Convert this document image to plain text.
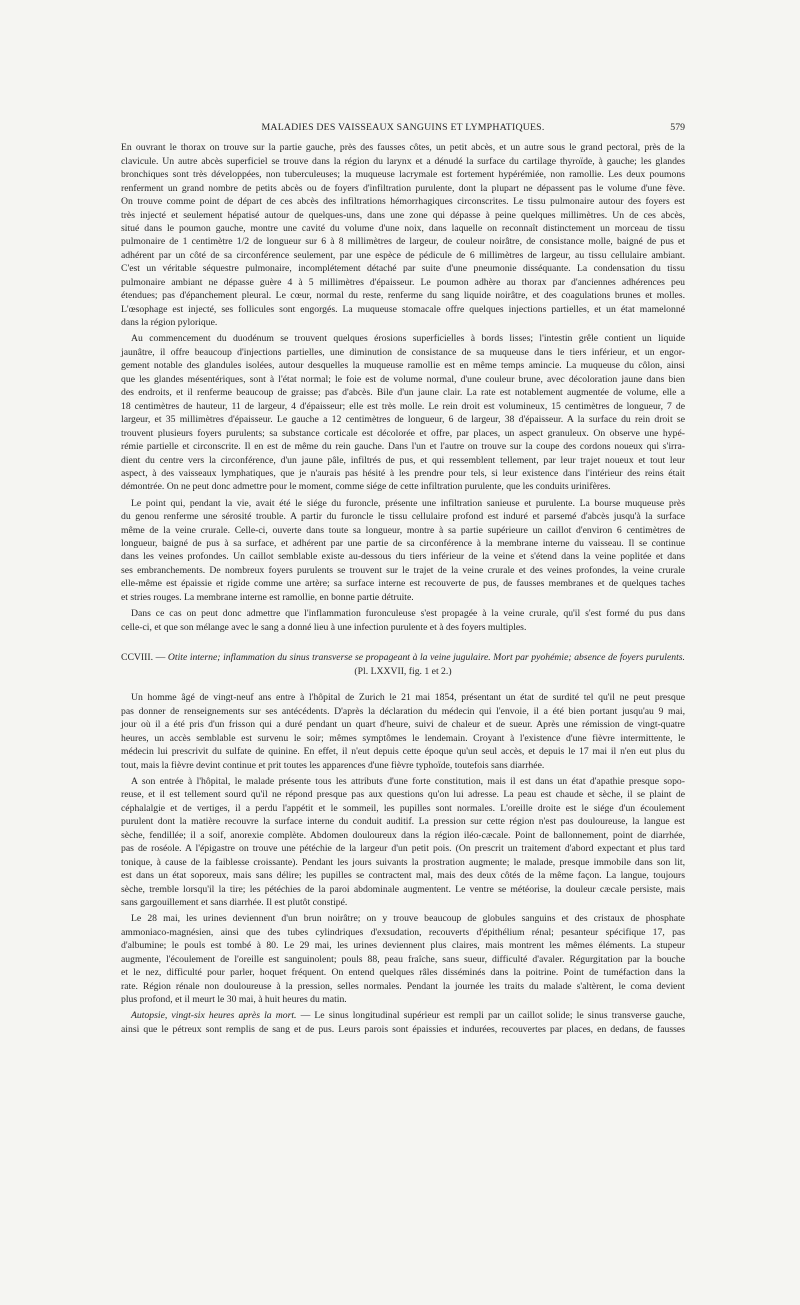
MALADIES DES VAISSEAUX SANGUINS ET LYMPHATIQUES.	579
En ouvrant le thorax on trouve sur la partie gauche, près des fausses côtes, un petit abcès, et un autre sous le grand pectoral, près de la
clavicule. Un autre abcès superficiel se trouve dans la région du larynx et a dénudé la surface du cartilage thyroïde, à gauche; les glandes
bronchiques sont très développées, non tuberculeuses; la muqueuse lacrymale est fortement hypérémiée, non ramollie. Les deux poumons
renferment un grand nombre de petits abcès ou de foyers d'infiltration purulente, dont la plupart ne dépassent pas le volume d'une fève.
On trouve comme point de départ de ces abcès des infiltrations hémorrhagiques circonscrites. Le tissu pulmonaire autour des foyers est
très injecté et seulement hépatisé autour de quelques-uns, dans une zone qui dépasse à peine quelques millimètres. Un de ces abcès,
situé dans le poumon gauche, montre une cavité du volume d'une noix, dans laquelle on reconnaît distinctement un morceau de tissu
pulmonaire de 1 centimètre 1/2 de longueur sur 6 à 8 millimètres de largeur, de couleur noirâtre, de consistance molle, baigné de pus et
adhérent par un côté de sa circonférence seulement, par une espèce de pédicule de 6 millimètres de largeur, au tissu cellulaire ambiant.
C'est un véritable séquestre pulmonaire, incomplétement détaché par suite d'une pneumonie disséquante. La condensation du tissu
pulmonaire ambiant ne dépasse guère 4 à 5 millimètres d'épaisseur. Le poumon adhère au thorax par d'anciennes adhérences peu
étendues; pas d'épanchement pleural. Le cœur, normal du reste, renferme du sang liquide noirâtre, et des coagulations brunes et molles.
L'œsophage est injecté, ses follicules sont engorgés. La muqueuse stomacale offre quelques injections partielles, et un état mamelonné
dans la région pylorique.
Au commencement du duodénum se trouvent quelques érosions superficielles à bords lisses; l'intestin grêle contient un liquide
jaunâtre, il offre beaucoup d'injections partielles, une diminution de consistance de sa muqueuse dans le tiers inférieur, et un engor-
gement notable des glandules isolées, autour desquelles la muqueuse ramollie est en même temps amincie. La muqueuse du côlon, ainsi
que les glandes mésentériques, sont à l'état normal; le foie est de volume normal, d'une couleur brune, avec décoloration jaune dans bien
des endroits, et il renferme beaucoup de graisse; pas d'abcès. Bile d'un jaune clair. La rate est notablement augmentée de volume, elle a
18 centimètres de hauteur, 11 de largeur, 4 d'épaisseur; elle est très molle. Le rein droit est volumineux, 15 centimètres de longueur, 7 de
largeur, et 35 millimètres d'épaisseur. Le gauche a 12 centimètres de longueur, 6 de largeur, 38 d'épaisseur. A la surface du rein droit se
trouvent plusieurs foyers purulents; sa substance corticale est décolorée et offre, par places, un aspect granuleux. On observe une hypé-
rémie partielle et circonscrite. Il en est de même du rein gauche. Dans l'un et l'autre on trouve sur la coupe des cordons noueux qui s'irra-
dient du centre vers la circonférence, d'un jaune pâle, infiltrés de pus, et qui ressemblent tellement, par leur trajet noueux et tout leur
aspect, à des vaisseaux lymphatiques, que je n'aurais pas hésité à les prendre pour tels, si leur existence dans l'intérieur des reins était
démontrée. On ne peut donc admettre pour le moment, comme siége de cette infiltration purulente, que les conduits urinifères.
Le point qui, pendant la vie, avait été le siége du furoncle, présente une infiltration sanieuse et purulente. La bourse muqueuse près
du genou renferme une sérosité trouble. A partir du furoncle le tissu cellulaire profond est induré et parsemé d'abcès jusqu'à la surface
même de la veine crurale. Celle-ci, ouverte dans toute sa longueur, montre à sa partie supérieure un caillot d'environ 6 centimètres de
longueur, baigné de pus à sa surface, et adhérent par une partie de sa circonférence à la membrane interne du vaisseau. Il se continue
dans les veines profondes. Un caillot semblable existe au-dessous du tiers inférieur de la veine et s'étend dans la veine poplitée et dans
ses embranchements. De nombreux foyers purulents se trouvent sur le trajet de la veine crurale et des veines profondes, la veine crurale
elle-même est épaissie et rigide comme une artère; sa surface interne est recouverte de pus, de fausses membranes et de quelques taches
et stries rouges. La membrane interne est ramollie, en bonne partie détruite.
Dans ce cas on peut donc admettre que l'inflammation furonculeuse s'est propagée à la veine crurale, qu'il s'est formé du pus dans
celle-ci, et que son mélange avec le sang a donné lieu à une infection purulente et à des foyers multiples.
CCVIII. — Otite interne; inflammation du sinus transverse se propageant à la veine jugulaire. Mort par pyohémie; absence de foyers purulents.
(Pl. LXXVII, fig. 1 et 2.)
Un homme âgé de vingt-neuf ans entre à l'hôpital de Zurich le 21 mai 1854, présentant un état de surdité tel qu'il ne peut presque
pas donner de renseignements sur ses antécédents. D'après la déclaration du médecin qui l'envoie, il a été bien portant jusqu'au 9 mai,
jour où il a été pris d'un frisson qui a duré pendant un quart d'heure, suivi de chaleur et de sueur. Après une rémission de vingt-quatre
heures, un accès semblable est survenu le soir; mêmes symptômes le lendemain. Croyant à l'existence d'une fièvre intermittente, le
médecin lui prescrivit du sulfate de quinine. En effet, il n'eut depuis cette époque qu'un seul accès, et depuis le 17 mai il n'en eut plus du
tout, mais la fièvre devint continue et prit toutes les apparences d'une fièvre typhoïde, toutefois sans diarrhée.
A son entrée à l'hôpital, le malade présente tous les attributs d'une forte constitution, mais il est dans un état d'apathie presque sopo-
reuse, et il est tellement sourd qu'il ne répond presque pas aux questions qu'on lui adresse. La peau est chaude et sèche, il se plaint de
céphalalgie et de vertiges, il a perdu l'appétit et le sommeil, les pupilles sont normales. L'oreille droite est le siége d'un écoulement
purulent dont la matière recouvre la surface interne du conduit auditif. La pression sur cette région n'est pas douloureuse, la langue est
sèche, fendillée; il a soif, anorexie complète. Abdomen douloureux dans la région iléo-cæcale. Point de ballonnement, point de diarrhée,
pas de roséole. A l'épigastre on trouve une pétéchie de la largeur d'un petit pois. (On prescrit un traitement d'abord expectant et plus tard
tonique, à cause de la faiblesse croissante). Pendant les jours suivants la prostration augmente; le malade, presque immobile dans son lit,
est dans un état soporeux, mais sans délire; les pupilles se contractent mal, mais des deux côtés de la même façon. La langue, toujours
sèche, tremble lorsqu'il la tire; les pétéchies de la paroi abdominale augmentent. Le ventre se météorise, la douleur cæcale persiste, mais
sans gargouillement et sans diarrhée. Il est plutôt constipé.
Le 28 mai, les urines deviennent d'un brun noirâtre; on y trouve beaucoup de globules sanguins et des cristaux de phosphate
ammoniaco-magnésien, ainsi que des tubes cylindriques d'exsudation, recouverts d'épithélium rénal; pesanteur spécifique 17, pas
d'albumine; le pouls est tombé à 80. Le 29 mai, les urines deviennent plus claires, mais montrent les mêmes éléments. La stupeur
augmente, l'écoulement de l'oreille est sanguinolent; pouls 88, peau fraîche, sans sueur, difficulté d'avaler. Régurgitation par la bouche
et le nez, difficulté pour parler, hoquet fréquent. On entend quelques râles disséminés dans la poitrine. Point de tuméfaction dans la
rate. Région rénale non douloureuse à la pression, selles normales. Pendant la journée les traits du malade s'altèrent, le coma devient
plus profond, et il meurt le 30 mai, à huit heures du matin.
Autopsie, vingt-six heures après la mort. — Le sinus longitudinal supérieur est rempli par un caillot solide; le sinus transverse gauche,
ainsi que le pétreux sont remplis de sang et de pus. Leurs parois sont épaissies et indurées, recouvertes par places, en dedans, de fausses
